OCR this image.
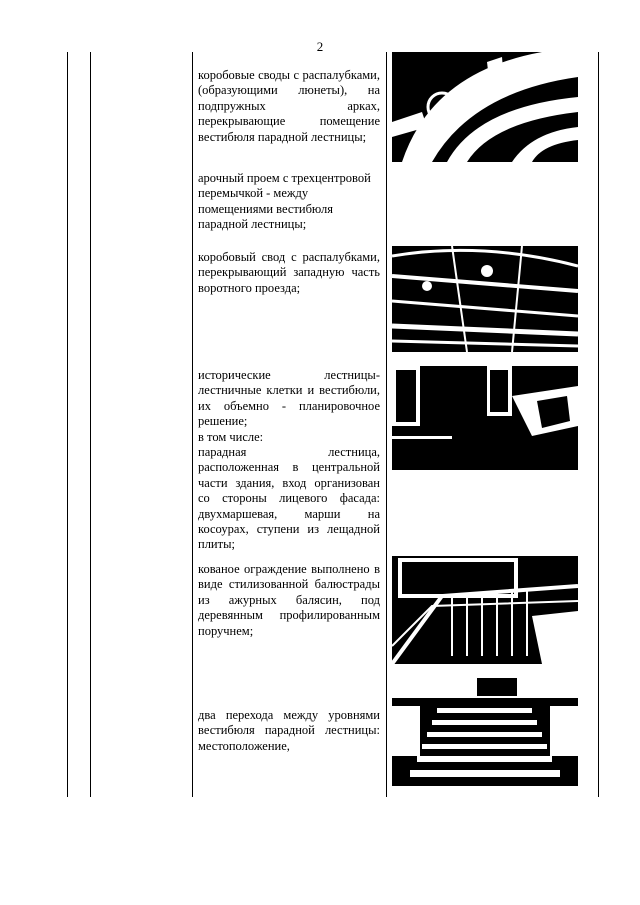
2

коробовые своды с распалубками, (образующими люнеты), на подпружных арках, перекрывающие помещение вестибюля парадной лестницы;

арочный проем с трехцентровой перемычкой - между помещениями вестибюля парадной лестницы;

коробовый свод с распалубками, перекрывающий западную часть воротного проезда;

исторические лестницы-лестничные клетки и вестибюли, их объемно - планировочное решение;

в том числе:

парадная лестница, расположенная в центральной части здания, вход организован со стороны лицевого фасада: двухмаршевая, марши на косоурах, ступени из лещадной плиты;

кованое ограждение выполнено в виде стилизованной балюстрады из ажурных балясин, под деревянным профилированным поручнем;

два перехода между уровнями вестибюля парадной лестницы: местоположение,
